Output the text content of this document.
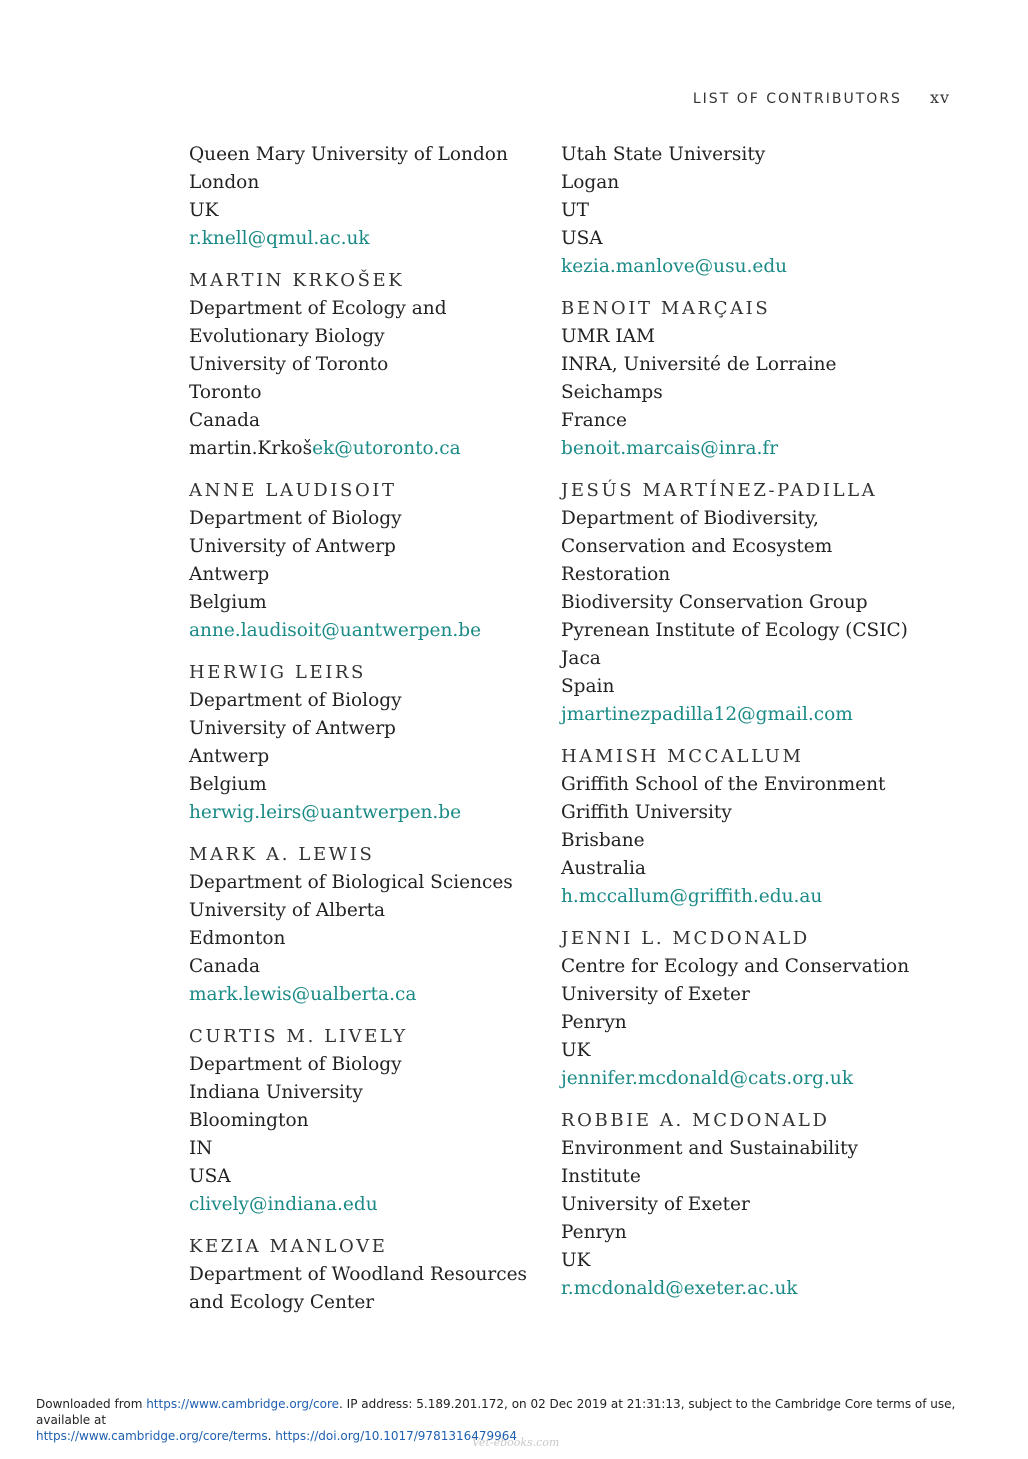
LIST OF CONTRIBUTORS xv
Queen Mary University of London
London
UK
r.knell@qmul.ac.uk
MARTIN KRKOŠEK
Department of Ecology and
Evolutionary Biology
University of Toronto
Toronto
Canada
martin.Krkošek@utoronto.ca
ANNE LAUDISOIT
Department of Biology
University of Antwerp
Antwerp
Belgium
anne.laudisoit@uantwerpen.be
HERWIG LEIRS
Department of Biology
University of Antwerp
Antwerp
Belgium
herwig.leirs@uantwerpen.be
MARK A. LEWIS
Department of Biological Sciences
University of Alberta
Edmonton
Canada
mark.lewis@ualberta.ca
CURTIS M. LIVELY
Department of Biology
Indiana University
Bloomington
IN
USA
clively@indiana.edu
KEZIA MANLOVE
Department of Woodland Resources
and Ecology Center
Utah State University
Logan
UT
USA
kezia.manlove@usu.edu
BENOIT MARÇAIS
UMR IAM
INRA, Université de Lorraine
Seichamps
France
benoit.marcais@inra.fr
JESÚS MARTÍNEZ-PADILLA
Department of Biodiversity,
Conservation and Ecosystem
Restoration
Biodiversity Conservation Group
Pyrenean Institute of Ecology (CSIC)
Jaca
Spain
jmartinezpadilla12@gmail.com
HAMISH MCCALLUM
Griffith School of the Environment
Griffith University
Brisbane
Australia
h.mccallum@griffith.edu.au
JENNI L. MCDONALD
Centre for Ecology and Conservation
University of Exeter
Penryn
UK
jennifer.mcdonald@cats.org.uk
ROBBIE A. MCDONALD
Environment and Sustainability
Institute
University of Exeter
Penryn
UK
r.mcdonald@exeter.ac.uk
Downloaded from https://www.cambridge.org/core. IP address: 5.189.201.172, on 02 Dec 2019 at 21:31:13, subject to the Cambridge Core terms of use, available at
https://www.cambridge.org/core/terms. https://doi.org/10.1017/9781316479964
Vet-ebooks.com
